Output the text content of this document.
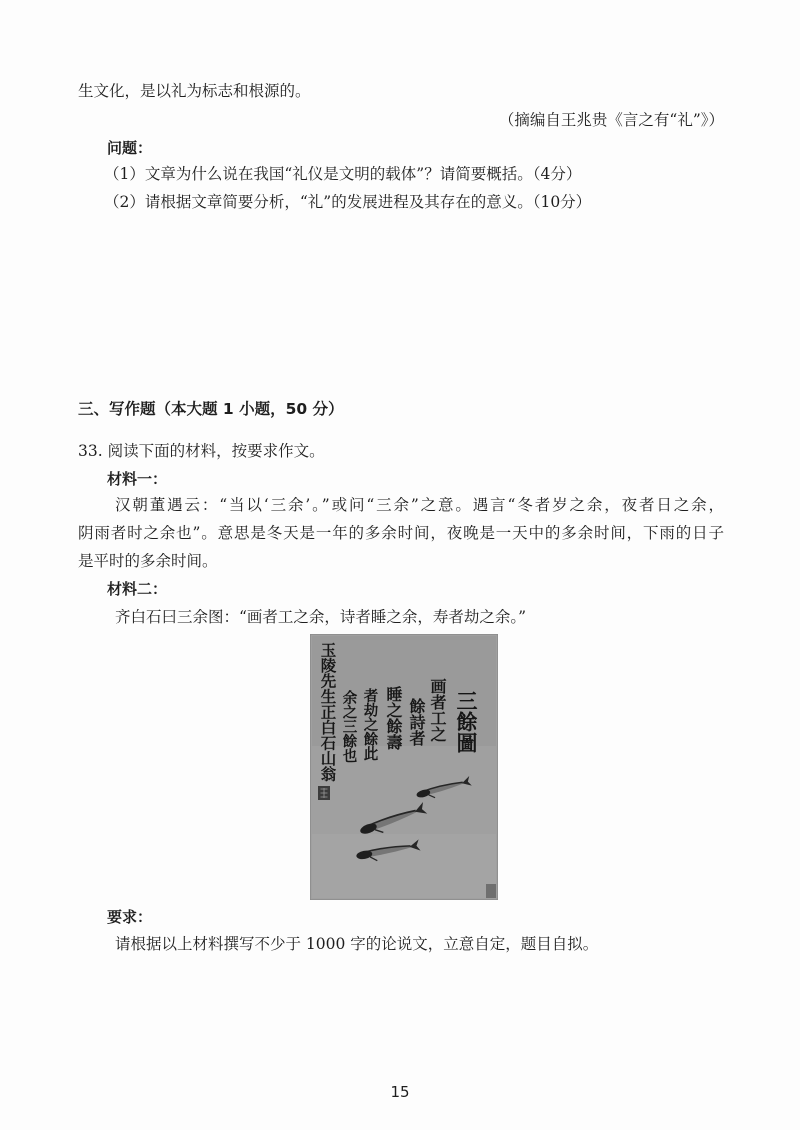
生文化，是以礼为标志和根源的。
（摘编自王兆贵《言之有“礼”》）
问题：
（1）文章为什么说在我国“礼仪是文明的载体”？请简要概括。（4分）
（2）请根据文章简要分析，“礼”的发展进程及其存在的意义。（10分）
三、写作题（本大题 1 小题，50 分）
33. 阅读下面的材料，按要求作文。
材料一：
汉朝董遇云：“当以‘三余’。”或问“三余”之意。遇言“冬者岁之余，夜者日之余，
阴雨者时之余也”。意思是冬天是一年的多余时间，夜晚是一天中的多余时间，下雨的日子
是平时的多余时间。
材料二：
齐白石曰三余图：“画者工之余，诗者睡之余，寿者劫之余。”
三餘圖
画者工之
餘詩者
睡之餘壽
者劫之餘此
余之三餘也
玉陵先生正白石山翁
要求：
请根据以上材料撰写不少于 1000 字的论说文，立意自定，题目自拟。
15
